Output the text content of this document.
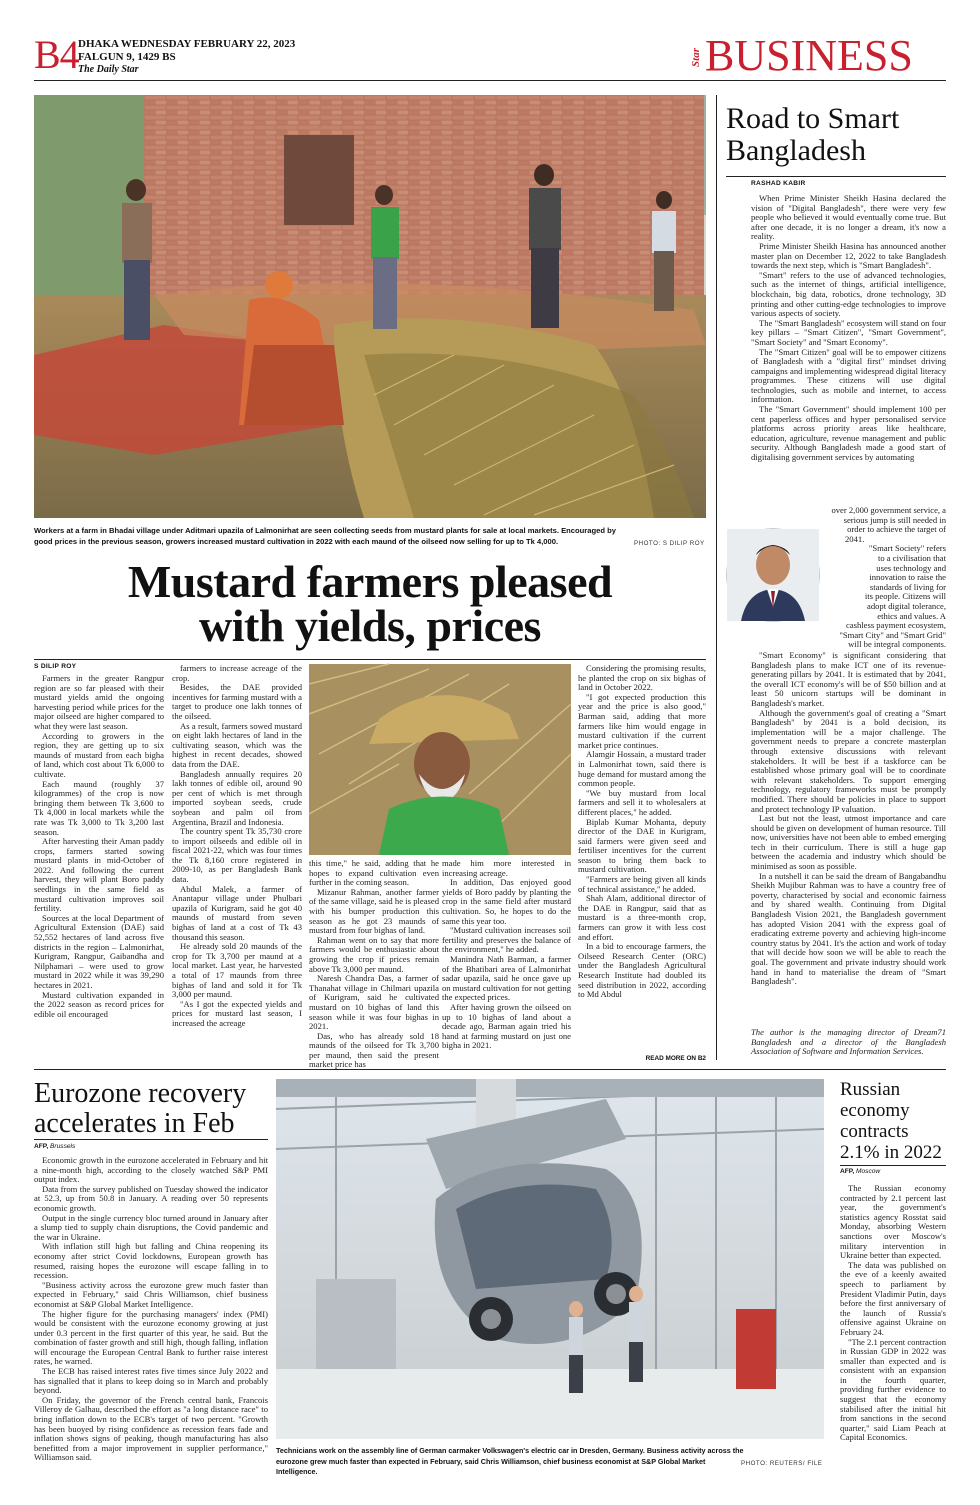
B4 DHAKA WEDNESDAY FEBRUARY 22, 2023
FALGUN 9, 1429 BS
The Daily Star
Star BUSINESS
Workers at a farm in Bhadai village under Aditmari upazila of Lalmonirhat are seen collecting seeds from mustard plants for sale at local markets. Encouraged by good prices in the previous season, growers increased mustard cultivation in 2022 with each maund of the oilseed now selling for up to Tk 4,000.	PHOTO: S DILIP ROY
Mustard farmers pleased
with yields, prices
S DILIP ROY

Farmers in the greater Rangpur region are so far pleased with their mustard yields amid the ongoing harvesting period while prices for the major oilseed are higher compared to what they were last season.

According to growers in the region, they are getting up to six maunds of mustard from each bigha of land, which cost about Tk 6,000 to cultivate.

Each maund (roughly 37 kilogrammes) of the crop is now bringing them between Tk 3,600 to Tk 4,000 in local markets while the rate was Tk 3,000 to Tk 3,200 last season.

After harvesting their Aman paddy crops, farmers started sowing mustard plants in mid-October of 2022. And following the current harvest, they will plant Boro paddy seedlings in the same field as mustard cultivation improves soil fertility.

Sources at the local Department of Agricultural Extension (DAE) said 52,552 hectares of land across five districts in the region – Lalmonirhat, Kurigram, Rangpur, Gaibandha and Nilphamari – were used to grow mustard in 2022 while it was 39,290 hectares in 2021.

Mustard cultivation expanded in the 2022 season as record prices for edible oil encouraged

farmers to increase acreage of the crop.

Besides, the DAE provided incentives for farming mustard with a target to produce one lakh tonnes of the oilseed.

As a result, farmers sowed mustard on eight lakh hectares of land in the cultivating season, which was the highest in recent decades, showed data from the DAE.

Bangladesh annually requires 20 lakh tonnes of edible oil, around 90 per cent of which is met through imported soybean seeds, crude soybean and palm oil from Argentina, Brazil and Indonesia.

The country spent Tk 35,730 crore to import oilseeds and edible oil in fiscal 2021-22, which was four times the Tk 8,160 crore registered in 2009-10, as per Bangladesh Bank data.

Abdul Malek, a farmer of Anantapur village under Phulbari upazila of Kurigram, said he got 40 maunds of mustard from seven bighas of land at a cost of Tk 43 thousand this season.

He already sold 20 maunds of the crop for Tk 3,700 per maund at a local market. Last year, he harvested a total of 17 maunds from three bighas of land and sold it for Tk 3,000 per maund.

"As I got the expected yields and prices for mustard last season, I increased the acreage

this time," he said, adding that he hopes to expand cultivation even further in the coming season.

Mizanur Rahman, another farmer of the same village, said he is pleased with his bumper production this season as he got 23 maunds of mustard from four bighas of land.

Rahman went on to say that more farmers would be enthusiastic about growing the crop if prices remain above Tk 3,000 per maund.

Naresh Chandra Das, a farmer of Thanahat village in Chilmari upazila of Kurigram, said he cultivated mustard on 10 bighas of land this season while it was four bighas in 2021.

Das, who has already sold 18 maunds of the oilseed for Tk 3,700 per maund, then said the present market price has

made him more interested in increasing acreage.

In addition, Das enjoyed good yields of Boro paddy by planting the crop in the same field after mustard cultivation. So, he hopes to do the same this year too.

"Mustard cultivation increases soil fertility and preserves the balance of the environment," he added.

Manindra Nath Barman, a farmer of the Bhatibari area of Lalmonirhat sadar upazila, said he once gave up on mustard cultivation for not getting the expected prices.

After having grown the oilseed on up to 10 bighas of land about a decade ago, Barman again tried his hand at farming mustard on just one bigha in 2021.

Considering the promising results, he planted the crop on six bighas of land in October 2022.

"I got expected production this year and the price is also good," Barman said, adding that more farmers like him would engage in mustard cultivation if the current market price continues.

Alamgir Hossain, a mustard trader in Lalmonirhat town, said there is huge demand for mustard among the common people.

"We buy mustard from local farmers and sell it to wholesalers at different places," he added.

Biplab Kumar Mohanta, deputy director of the DAE in Kurigram, said farmers were given seed and fertiliser incentives for the current season to bring them back to mustard cultivation.

"Farmers are being given all kinds of technical assistance," he added.

Shah Alam, additional director of the DAE in Rangpur, said that as mustard is a three-month crop, farmers can grow it with less cost and effort.

In a bid to encourage farmers, the Oilseed Research Center (ORC) under the Bangladesh Agricultural Research Institute had doubled its seed distribution in 2022, according to Md Abdul

READ MORE ON B2
Road to Smart
Bangladesh
RASHAD KABIR

When Prime Minister Sheikh Hasina declared the vision of "Digital Bangladesh", there were very few people who believed it would eventually come true. But after one decade, it is no longer a dream, it's now a reality.

Prime Minister Sheikh Hasina has announced another master plan on December 12, 2022 to take Bangladesh towards the next step, which is "Smart Bangladesh".

"Smart" refers to the use of advanced technologies, such as the internet of things, artificial intelligence, blockchain, big data, robotics, drone technology, 3D printing and other cutting-edge technologies to improve various aspects of society.

The "Smart Bangladesh" ecosystem will stand on four key pillars – "Smart Citizen", "Smart Government", "Smart Society" and "Smart Economy".

The "Smart Citizen" goal will be to empower citizens of Bangladesh with a "digital first" mindset driving campaigns and implementing widespread digital literacy programmes. These citizens will use digital technologies, such as mobile and internet, to access information.

The "Smart Government" should implement 100 per cent paperless offices and hyper personalised service platforms across priority areas like healthcare, education, agriculture, revenue management and public security. Although Bangladesh made a good start of digitalising government services by automating

over 2,000 government service, a
serious jump is still needed in
order to achieve the target of
2041.
"Smart Society" refers
to a civilisation that
uses technology and
innovation to raise the
standards of living for
its people. Citizens will
adopt digital tolerance,
ethics and values. A
cashless payment ecosystem,
"Smart City" and "Smart Grid"
will be integral components.

"Smart Economy" is significant considering that Bangladesh plans to make ICT one of its revenue-generating pillars by 2041. It is estimated that by 2041, the overall ICT economy's will be of $50 billion and at least 50 unicorn startups will be dominant in Bangladesh's market.

Although the government's goal of creating a "Smart Bangladesh" by 2041 is a bold decision, its implementation will be a major challenge. The government needs to prepare a concrete masterplan through extensive discussions with relevant stakeholders. It will be best if a taskforce can be established whose primary goal will be to coordinate with relevant stakeholders. To support emerging technology, regulatory frameworks must be promptly modified. There should be policies in place to support and protect technology IP valuation.

Last but not the least, utmost importance and care should be given on development of human resource. Till now, universities have not been able to embed emerging tech in their curriculum. There is still a huge gap between the academia and industry which should be minimised as soon as possible.

In a nutshell it can be said the dream of Bangabandhu Sheikh Mujibur Rahman was to have a country free of poverty, characterised by social and economic fairness and by shared wealth. Continuing from Digital Bangladesh Vision 2021, the Bangladesh government has adopted Vision 2041 with the express goal of eradicating extreme poverty and achieving high-income country status by 2041. It's the action and work of today that will decide how soon we will be able to reach the goal. The government and private industry should work hand in hand to materialise the dream of "Smart Bangladesh".

The author is the managing director of Dream71 Bangladesh and a director of the Bangladesh Association of Software and Information Services.
Eurozone recovery
accelerates in Feb
AFP, Brussels

Economic growth in the eurozone accelerated in February and hit a nine-month high, according to the closely watched S&P PMI output index.

Data from the survey published on Tuesday showed the indicator at 52.3, up from 50.8 in January. A reading over 50 represents economic growth.

Output in the single currency bloc turned around in January after a slump tied to supply chain disruptions, the Covid pandemic and the war in Ukraine.

With inflation still high but falling and China reopening its economy after strict Covid lockdowns, European growth has resumed, raising hopes the eurozone will escape falling in to recession.

"Business activity across the eurozone grew much faster than expected in February," said Chris Williamson, chief business economist at S&P Global Market Intelligence.

The higher figure for the purchasing managers' index (PMI) would be consistent with the eurozone economy growing at just under 0.3 percent in the first quarter of this year, he said. But the combination of faster growth and still high, though falling, inflation will encourage the European Central Bank to further raise interest rates, he warned.

The ECB has raised interest rates five times since July 2022 and has signalled that it plans to keep doing so in March and probably beyond.

On Friday, the governor of the French central bank, Francois Villeroy de Galhau, described the effort as "a long distance race" to bring inflation down to the ECB's target of two percent. "Growth has been buoyed by rising confidence as recession fears fade and inflation shows signs of peaking, though manufacturing has also benefitted from a major improvement in supplier performance," Williamson said.

Technicians work on the assembly line of German carmaker Volkswagen's electric car in Dresden, Germany. Business activity across the eurozone grew much faster than expected in February, said Chris Williamson, chief business economist at S&P Global Market Intelligence.
PHOTO: REUTERS/ FILE
Russian
economy
contracts
2.1% in 2022
AFP, Moscow

The Russian economy contracted by 2.1 percent last year, the government's statistics agency Rosstat said Monday, absorbing Western sanctions over Moscow's military intervention in Ukraine better than expected.

The data was published on the eve of a keenly awaited speech to parliament by President Vladimir Putin, days before the first anniversary of the launch of Russia's offensive against Ukraine on February 24.

"The 2.1 percent contraction in Russian GDP in 2022 was smaller than expected and is consistent with an expansion in the fourth quarter, providing further evidence to suggest that the economy stabilised after the initial hit from sanctions in the second quarter," said Liam Peach at Capital Economics.
